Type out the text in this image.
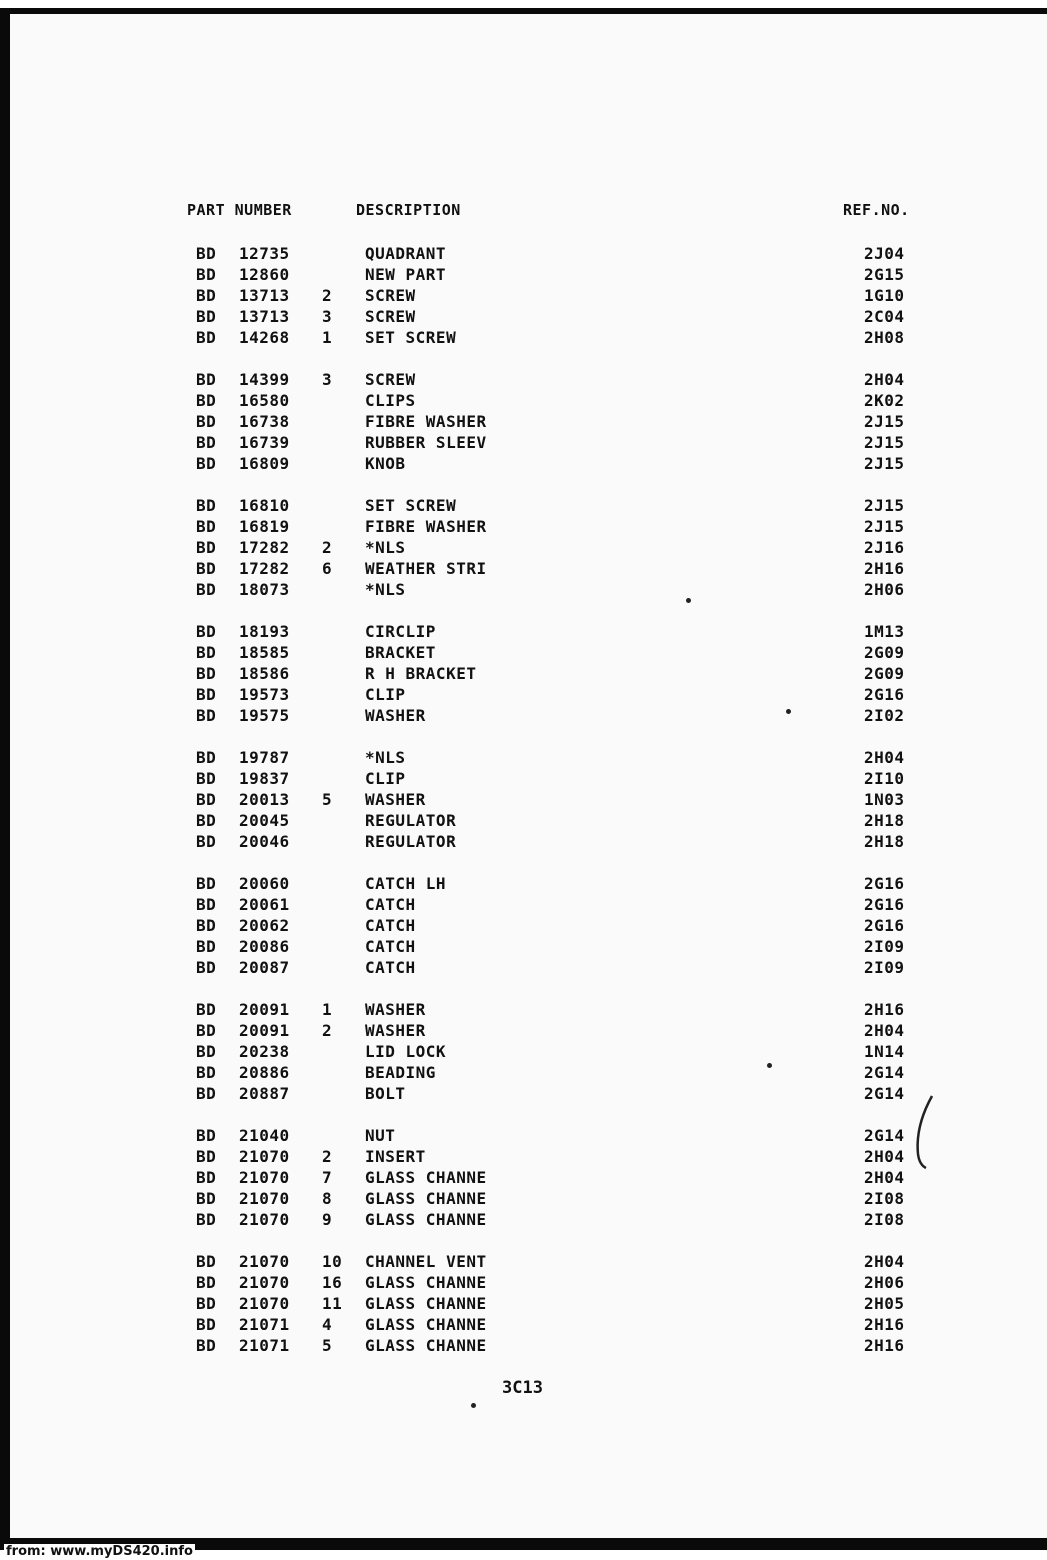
PART NUMBER	DESCRIPTION	REF.NO.
BD 12735	QUADRANT	2J04
BD 12860	NEW PART	2G15
BD 13713 2 SCREW	1G10
BD 13713 3 SCREW	2C04
BD 14268 1 SET SCREW	2H08
BD 14399 3 SCREW	2H04
BD 16580	CLIPS	2K02
BD 16738	FIBRE WASHER	2J15
BD 16739	RUBBER SLEEV	2J15
BD 16809	KNOB	2J15
BD 16810	SET SCREW	2J15
BD 16819	FIBRE WASHER	2J15
BD 17282 2 *NLS	2J16
BD 17282 6 WEATHER STRI	2H16
BD 18073	*NLS	2H06
BD 18193	CIRCLIP	1M13
BD 18585	BRACKET	2G09
BD 18586	R H BRACKET	2G09
BD 19573	CLIP	2G16
BD 19575	WASHER	2I02
BD 19787	*NLS	2H04
BD 19837	CLIP	2I10
BD 20013 5 WASHER	1N03
BD 20045	REGULATOR	2H18
BD 20046	REGULATOR	2H18
BD 20060	CATCH LH	2G16
BD 20061	CATCH	2G16
BD 20062	CATCH	2G16
BD 20086	CATCH	2I09
BD 20087	CATCH	2I09
BD 20091 1 WASHER	2H16
BD 20091 2 WASHER	2H04
BD 20238	LID LOCK	1N14
BD 20886	BEADING	2G14
BD 20887	BOLT	2G14
BD 21040	NUT	2G14
BD 21070 2 INSERT	2H04
BD 21070 7 GLASS CHANNE	2H04
BD 21070 8 GLASS CHANNE	2I08
BD 21070 9 GLASS CHANNE	2I08
BD 21070 10 CHANNEL VENT	2H04
BD 21070 16 GLASS CHANNE	2H06
BD 21070 11 GLASS CHANNE	2H05
BD 21071 4 GLASS CHANNE	2H16
BD 21071 5 GLASS CHANNE	2H16
3C13
from: www.myDS420.info
